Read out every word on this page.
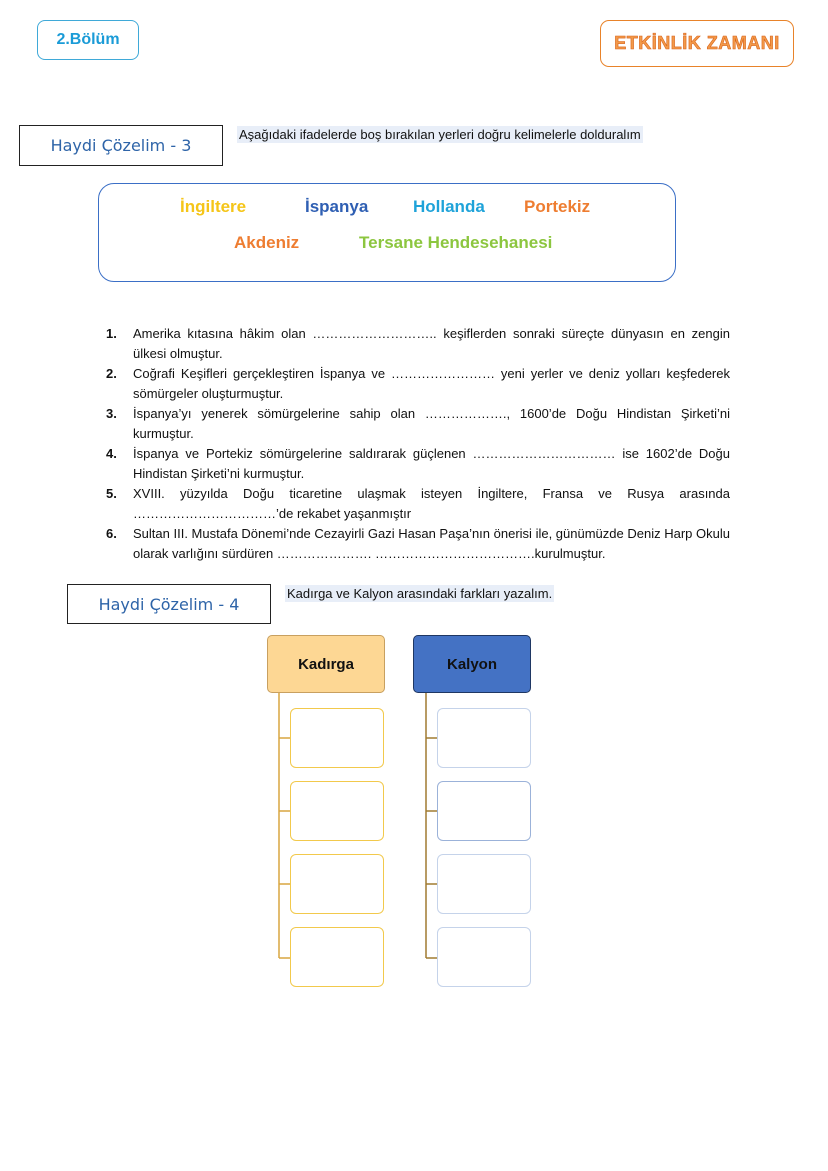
2.Bölüm	ETKİNLİK ZAMANI
Haydi Çözelim - 3
Aşağıdaki ifadelerde boş bırakılan yerleri doğru kelimelerle dolduralım
İngiltere	İspanya	Hollanda Portekiz
Akdeniz	Tersane Hendesehanesi
1.	Amerika kıtasına hâkim olan ……………………….. keşiflerden sonraki süreçte dünyasın en zengin ülkesi olmuştur.
2.	Coğrafi Keşifleri gerçekleştiren İspanya ve …………………… yeni yerler ve deniz yolları keşfederek sömürgeler oluşturmuştur.
3.	İspanya’yı yenerek sömürgelerine sahip olan ………………., 1600’de Doğu Hindistan Şirketi’ni kurmuştur.
4.	İspanya ve Portekiz sömürgelerine saldırarak güçlenen …………………………… ise 1602’de Doğu Hindistan Şirketi’ni kurmuştur.
5.	XVIII. yüzyılda Doğu ticaretine ulaşmak isteyen İngiltere, Fransa ve Rusya arasında ……………………………’de rekabet yaşanmıştır
6.	Sultan III. Mustafa Dönemi’nde Cezayirli Gazi Hasan Paşa’nın önerisi ile, günümüzde Deniz Harp Okulu olarak varlığını sürdüren …………………. ……………………………….kurulmuştur.
Haydi Çözelim - 4
Kadırga ve Kalyon arasındaki farkları yazalım.
Kadırga	Kalyon
